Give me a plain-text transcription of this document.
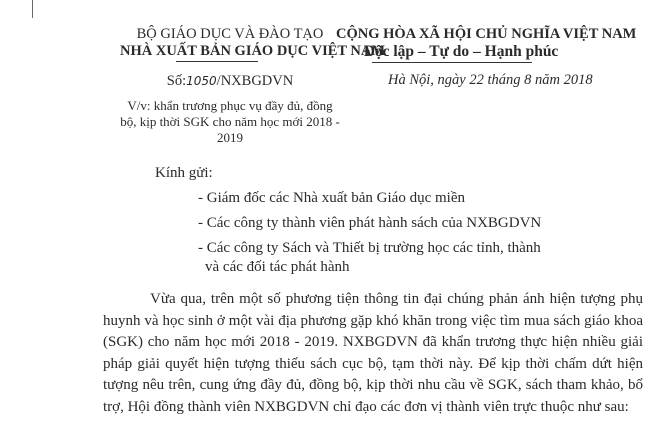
BỘ GIÁO DỤC VÀ ĐÀO TẠO
NHÀ XUẤT BẢN GIÁO DỤC VIỆT NAM
CỘNG HÒA XÃ HỘI CHỦ NGHĨA VIỆT NAM
Độc lập – Tự do – Hạnh phúc
Số:1050/NXBGDVN	Hà Nội, ngày 22 tháng 8 năm 2018
V/v: khẩn trương phục vụ đầy đủ, đồng bộ, kịp thời SGK cho năm học mới 2018 - 2019
Kính gửi:
- Giám đốc các Nhà xuất bản Giáo dục miền
- Các công ty thành viên phát hành sách của NXBGDVN
- Các công ty Sách và Thiết bị trường học các tỉnh, thành
và các đối tác phát hành
Vừa qua, trên một số phương tiện thông tin đại chúng phản ánh hiện tượng phụ huynh và học sinh ở một vài địa phương gặp khó khăn trong việc tìm mua sách giáo khoa (SGK) cho năm học mới 2018 - 2019. NXBGDVN đã khẩn trương thực hiện nhiều giải pháp giải quyết hiện tượng thiếu sách cục bộ, tạm thời này. Để kịp thời chấm dứt hiện tượng nêu trên, cung ứng đầy đủ, đồng bộ, kịp thời nhu cầu về SGK, sách tham khảo, bổ trợ, Hội đồng thành viên NXBGDVN chỉ đạo các đơn vị thành viên trực thuộc như sau:
